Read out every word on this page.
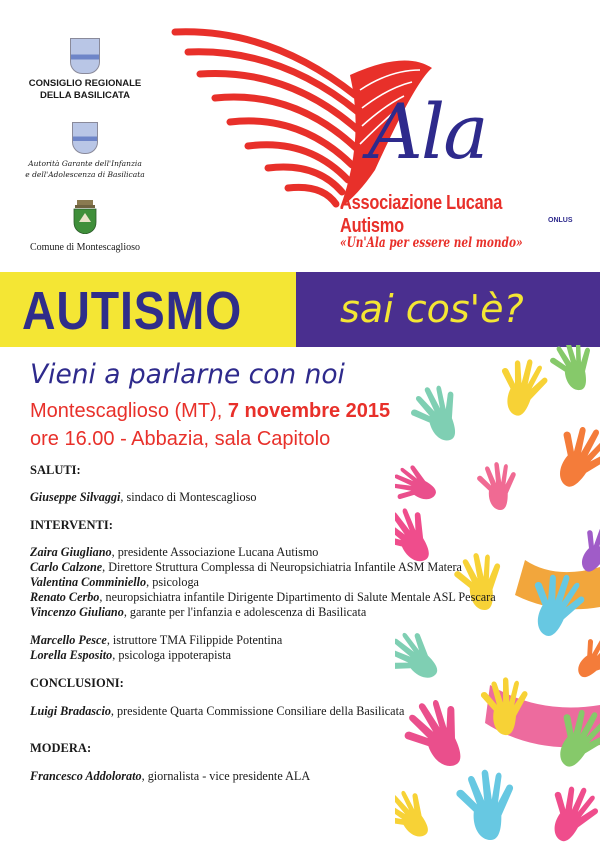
CONSIGLIO REGIONALE
DELLA BASILICATA
Autorità Garante dell'Infanzia
e dell'Adolescenza di Basilicata
Comune di Montescaglioso
Ala
Associazione Lucana Autismo	ONLUS
«Un'Ala per essere nel mondo»
AUTISMO	sai cos'è?
Vieni a parlarne con noi
Montescaglioso (MT), 7 novembre 2015
ore 16.00 - Abbazia, sala Capitolo
SALUTI:
Giuseppe Silvaggi, sindaco di Montescaglioso
INTERVENTI:
Zaira Giugliano, presidente Associazione Lucana Autismo
Carlo Calzone, Direttore Struttura Complessa di Neuropsichiatria Infantile ASM Matera
Valentina Comminiello, psicologa
Renato Cerbo, neuropsichiatra infantile Dirigente Dipartimento di Salute Mentale ASL Pescara
Vincenzo Giuliano, garante per l'infanzia e adolescenza di Basilicata
Marcello Pesce, istruttore TMA Filippide Potentina
Lorella Esposito, psicologa ippoterapista
CONCLUSIONI:
Luigi Bradascio, presidente Quarta Commissione Consiliare della Basilicata
MODERA:
Francesco Addolorato, giornalista - vice presidente ALA
